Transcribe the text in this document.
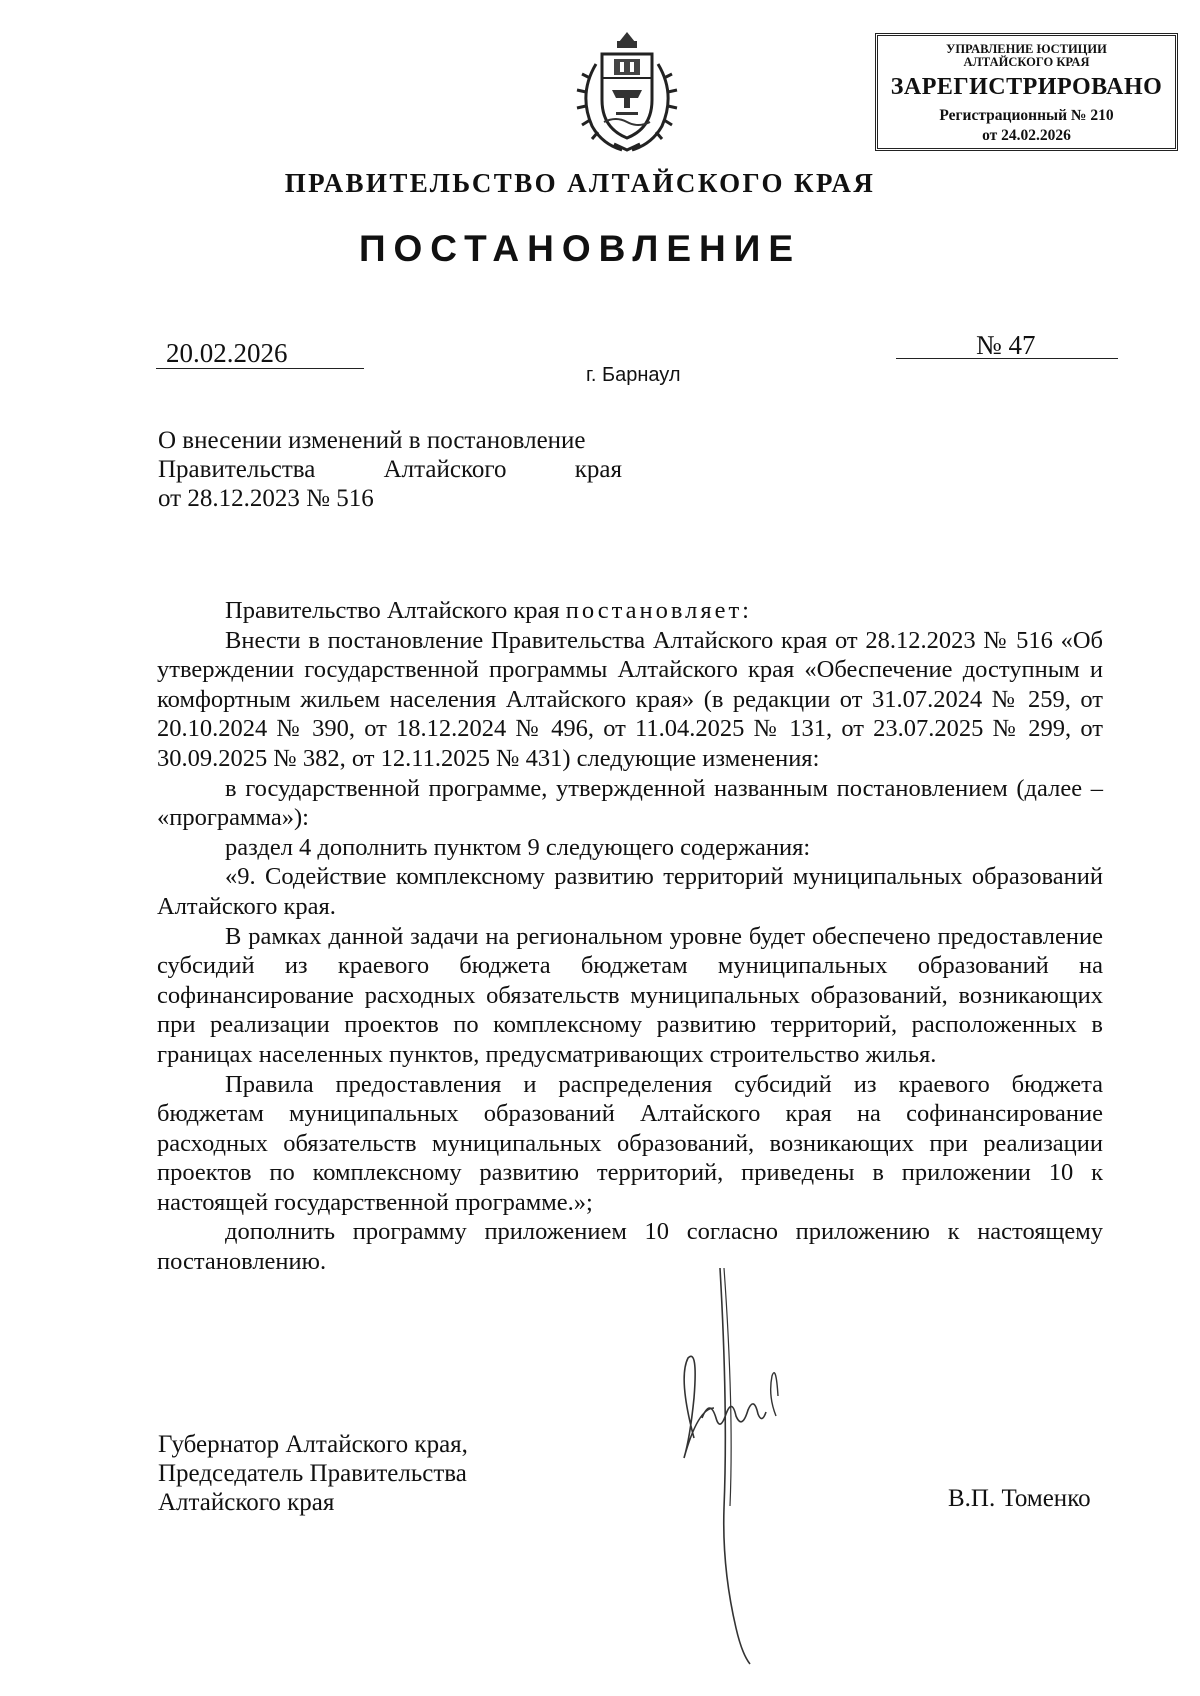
УПРАВЛЕНИЕ ЮСТИЦИИ
АЛТАЙСКОГО КРАЯ
ЗАРЕГИСТРИРОВАНО
Регистрационный № 210
от 24.02.2026
ПРАВИТЕЛЬСТВО АЛТАЙСКОГО КРАЯ
ПОСТАНОВЛЕНИЕ
20.02.2026	№ 47
г. Барнаул
О внесении изменений в постановление
Правительства	Алтайского	края
от 28.12.2023 № 516

Правительство Алтайского края постановляет:

Внести в постановление Правительства Алтайского края от 28.12.2023 № 516 «Об утверждении государственной программы Алтайского края «Обеспечение доступным и комфортным жильем населения Алтайского края» (в редакции от 31.07.2024 № 259, от 20.10.2024 № 390, от 18.12.2024 № 496, от 11.04.2025 № 131, от 23.07.2025 № 299, от 30.09.2025 № 382, от 12.11.2025 № 431) следующие изменения:

в государственной программе, утвержденной названным постановлением (далее – «программа»):

раздел 4 дополнить пунктом 9 следующего содержания:

«9. Содействие комплексному развитию территорий муниципальных образований Алтайского края.

В рамках данной задачи на региональном уровне будет обеспечено предоставление субсидий из краевого бюджета бюджетам муниципальных образований на софинансирование расходных обязательств муниципальных образований, возникающих при реализации проектов по комплексному развитию территорий, расположенных в границах населенных пунктов, предусматривающих строительство жилья.

Правила предоставления и распределения субсидий из краевого бюджета бюджетам муниципальных образований Алтайского края на софинансирование расходных обязательств муниципальных образований, возникающих при реализации проектов по комплексному развитию территорий, приведены в приложении 10 к настоящей государственной программе.»;

дополнить программу приложением 10 согласно приложению к настоящему постановлению.

Губернатор Алтайского края,
Председатель Правительства
Алтайского края	В.П. Томенко
